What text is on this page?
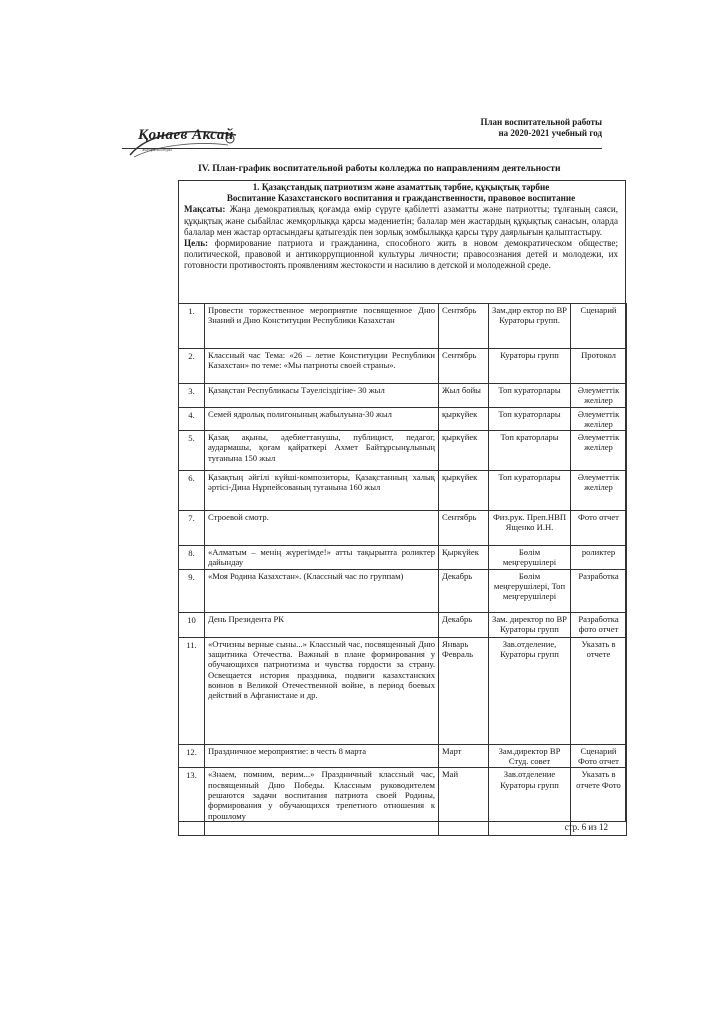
Қонаев Аксай
Жоғары колледжі
План воспитательной работы
на 2020-2021 учебный год
IV. План-график воспитательной работы колледжа по направлениям деятельности
1. Қазақстандық патриотизм және азаматтық тәрбие, құқықтық тәрбие
Воспитание Казахстанского воспитания и гражданственности, правовое воспитание

Мақсаты: Жаңа демократиялық қоғамда өмір сүруге қабілетті азаматты және патриотты; тұлғаның саяси, құқықтық және сыбайлас жемқорлыққа қарсы мәдениетін; балалар мен жастардың құқықтық санасын, оларда балалар мен жастар ортасындағы қатыгездік пен зорлық зомбылыққа қарсы тұру даярлығын қалыптастыру.

Цель: формирование патриота и гражданина, способного жить в новом демократическом обществе; политической, правовой и антикоррупционной культуры личности; правосознания детей и молодежи, их готовности противостоять проявлениям жестокости и насилию в детской и молодежной среде.

1.	Провести торжественное мероприятие посвященное Дню Знаний и Дню Конституции Республики Казахстан	Сентябрь	Зам.дир ектор по ВР Кураторы групп.	Сценарий
2.	Классный час Тема: «26 – летие Конституции Республики Казахстан» по теме: «Мы патриоты своей страны».	Сентябрь	Кураторы групп	Протокол
3.	Қазақстан Республикасы Тәуелсіздігіне- 30 жыл	Жыл бойы	Топ кураторлары	Әлеуметтік желілер
4.	Семей ядролық полигонының жабылуына-30 жыл	қыркүйек	Топ кураторлары	Әлеуметтік желілер
5.	Қазақ ақыны, әдебиеттанушы, публицист, педагог, аудармашы, қоғам қайраткері Ахмет Байтұрсынұлының туғанына 150 жыл	қыркүйек	Топ краторлары	Әлеуметтік желілер
6.	Қазақтың әйгілі күйші-композиторы, Қазақстанның халық әртісі-Дина Нұрпейсованың туғанына 160 жыл	қыркүйек	Топ кураторлары	Әлеуметтік желілер
7.	Строевой смотр.	Сентябрь	Физ.рук. Преп.НВП Ященко И.Н.	Фото отчет
8.	«Алматым – менің жүрегімде!» атты тақырыпта роликтер дайындау	Қыркүйек	Бөлім меңгерушілері	роликтер
9.	«Моя Родина Казахстан». (Классный час по группам)	Декабрь	Бөлім меңгерушілері, Топ меңгерушілері	Разработка
10	День Президента РК	Декабрь	Зам. директор по ВР Кураторы групп	Разработка фото отчет
11.	«Отчизны верные сыны...» Классный час, посвященный Дню защитника Отечества. Важный в плане формирования у обучающихся патриотизма и чувства гордости за страну. Освещается история праздника, подвиги казахстанских воинов в Великой Отечественной войне, в период боевых действий в Афганистане и др.	Январь Февраль	Зав.отделение, Кураторы групп	Указать в отчете
12.	Праздничное мероприятие: в честь 8 марта	Март	Зам.директор ВР Студ. совет	Сценарий Фото отчет
13.	«Знаем, помним, верим...» Праздничный классный час, посвященный Дню Победы. Классным руководителем решаются задачи воспитания патриота своей Родины, формирования у обучающихся трепетного отношения к прошлому	Май	Зав.отделение Кураторы групп	Указать в отчете Фото
стр. 6 из 12
